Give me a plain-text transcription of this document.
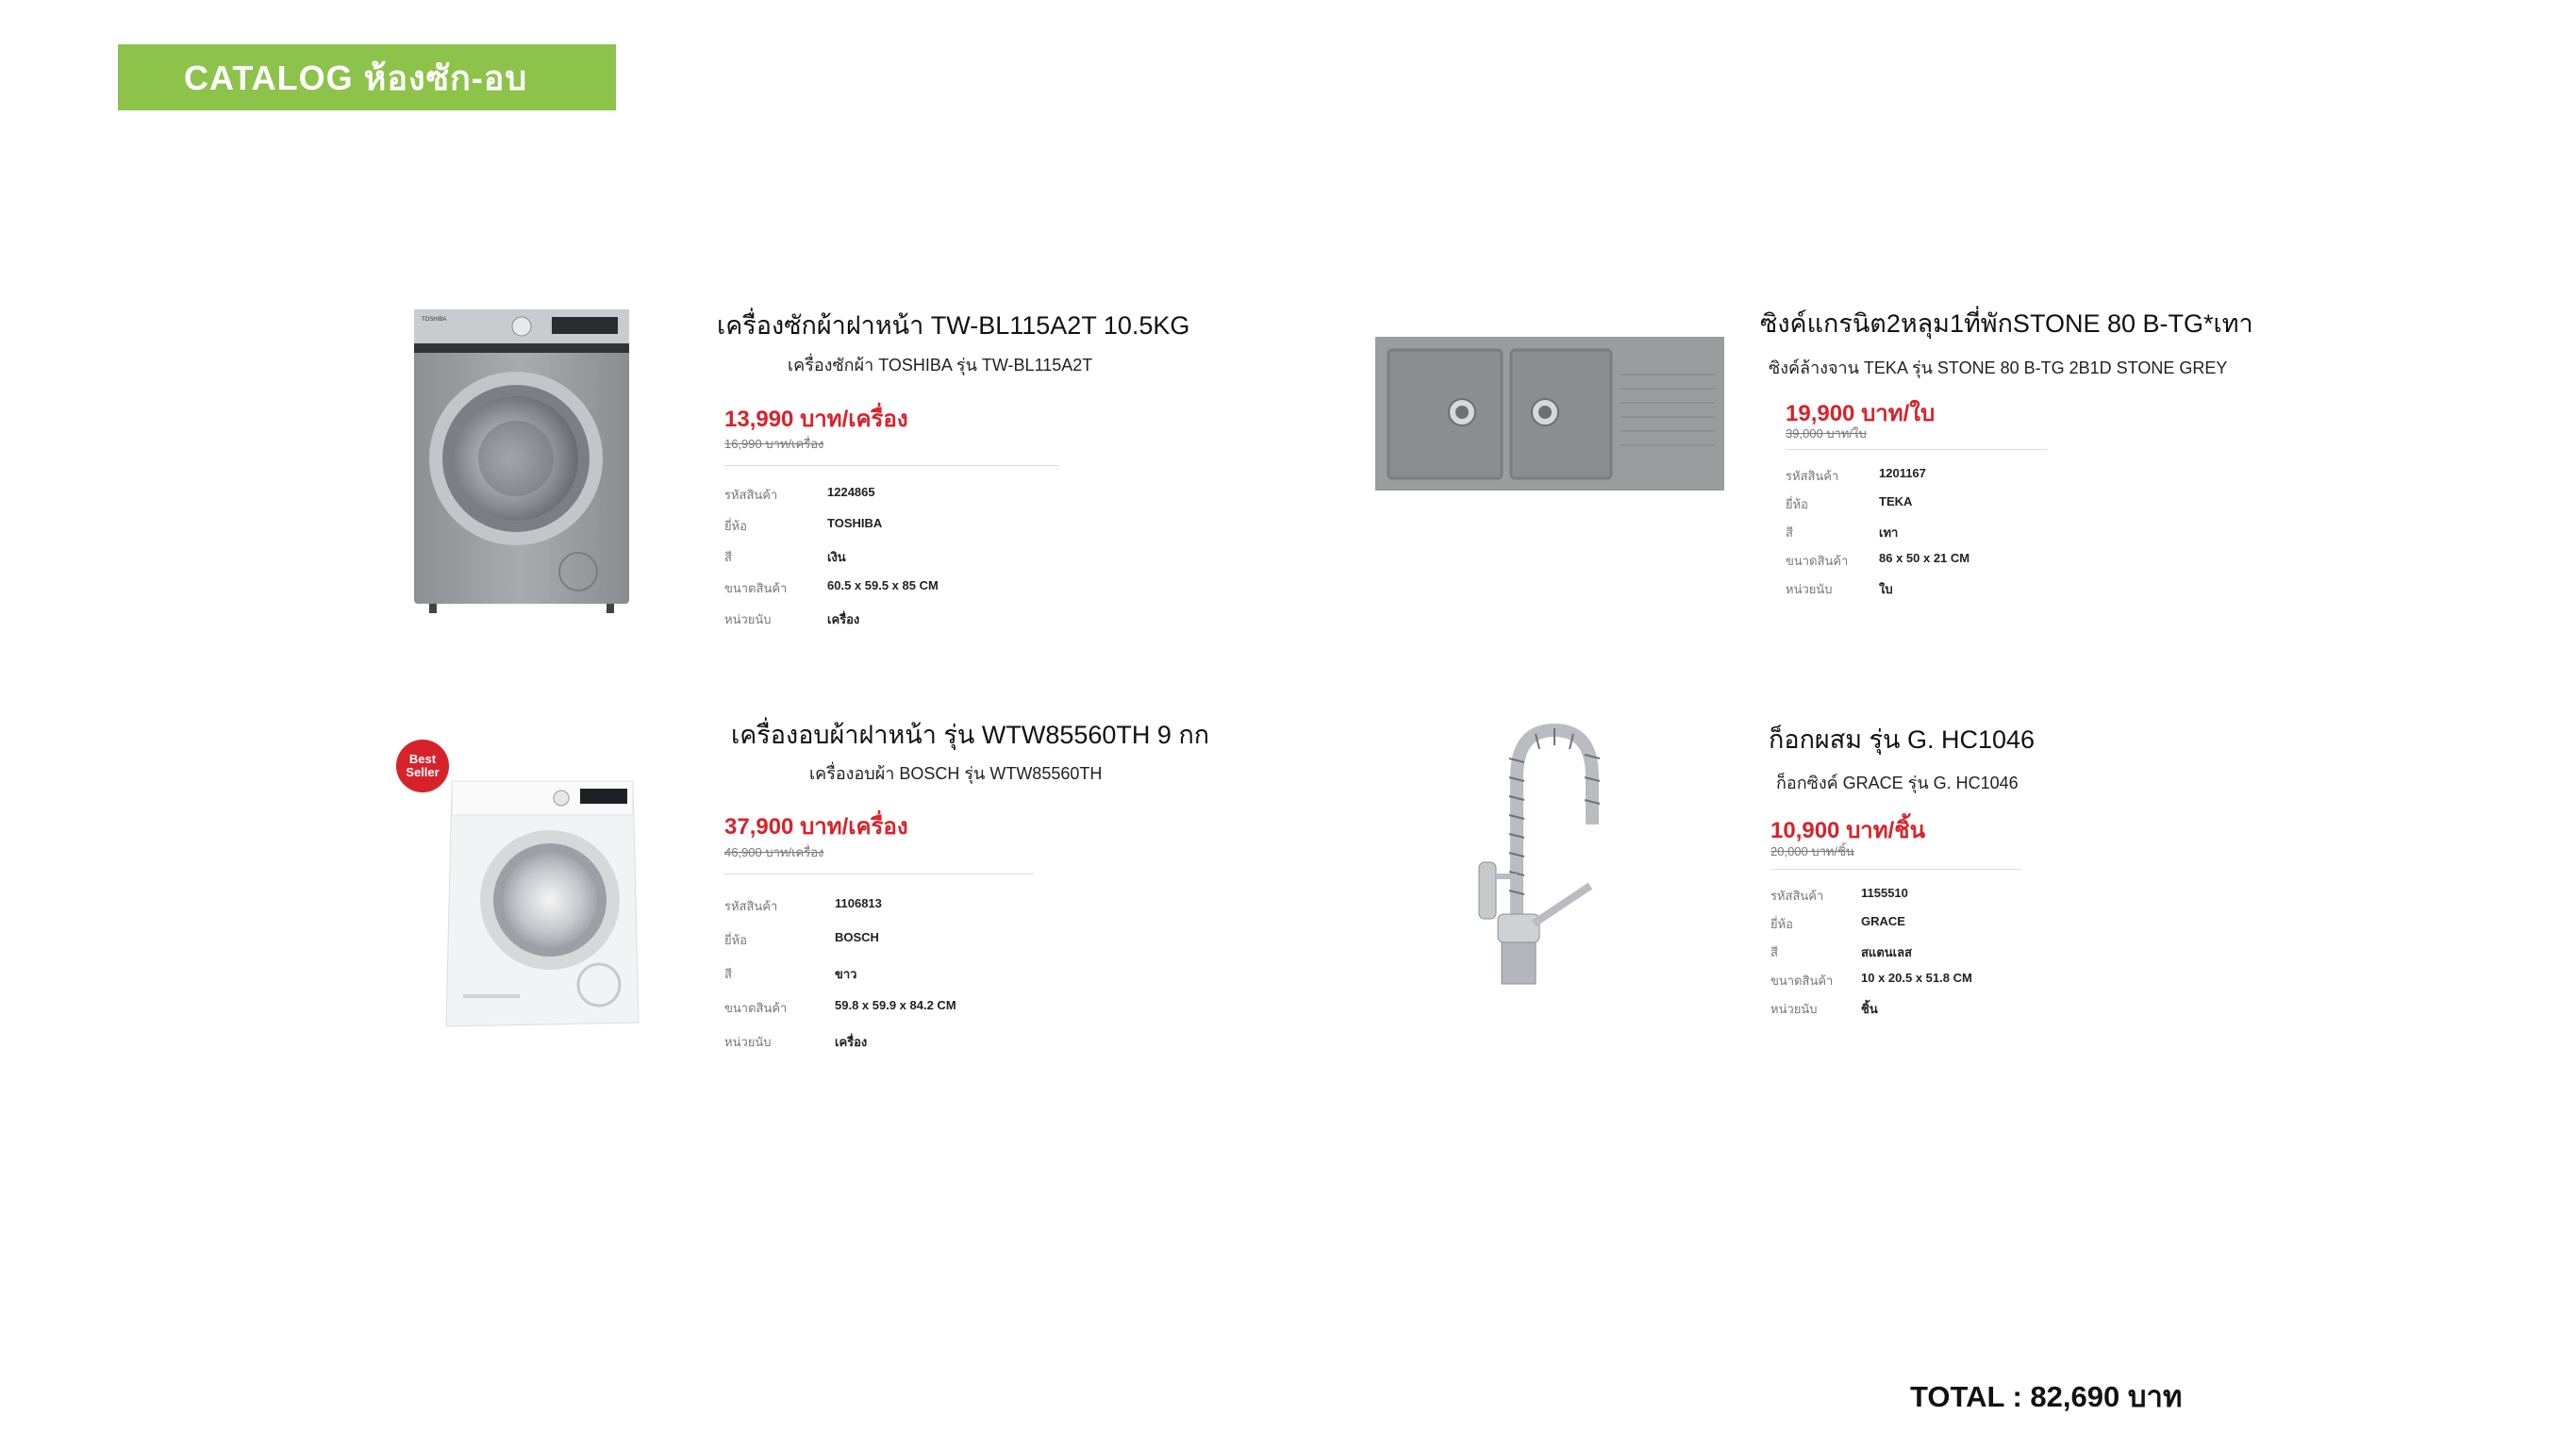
CATALOG ห้องซัก-อบ
TOSHIBA	เครื่องซักผ้าฝาหน้า TW-BL115A2T 10.5KG
เครื่องซักผ้า TOSHIBA รุ่น TW-BL115A2T
13,990 บาท/เครื่อง
16,990 บาท/เครื่อง
รหัสสินค้า	1224865
ยี่ห้อ	TOSHIBA
สี	เงิน
ขนาดสินค้า	60.5 x 59.5 x 85 CM
หน่วยนับ	เครื่อง
ซิงค์แกรนิต2หลุม1ที่พักSTONE 80 B-TG*เทา
ซิงค์ล้างจาน TEKA รุ่น STONE 80 B-TG 2B1D STONE GREY
19,900 บาท/ใบ
39,000 บาท/ใบ
รหัสสินค้า	1201167
ยี่ห้อ	TEKA
สี	เทา
ขนาดสินค้า	86 x 50 x 21 CM
หน่วยนับ	ใบ
Best Seller
เครื่องอบผ้าฝาหน้า รุ่น WTW85560TH 9 กก
เครื่องอบผ้า BOSCH รุ่น WTW85560TH
37,900 บาท/เครื่อง
46,900 บาท/เครื่อง
รหัสสินค้า	1106813
ยี่ห้อ	BOSCH
สี	ขาว
ขนาดสินค้า	59.8 x 59.9 x 84.2 CM
หน่วยนับ	เครื่อง
ก็อกผสม รุ่น G. HC1046
ก็อกซิงค์ GRACE รุ่น G. HC1046
10,900 บาท/ชิ้น
20,000 บาท/ชิ้น
รหัสสินค้า	1155510
ยี่ห้อ	GRACE
สี	สแตนเลส
ขนาดสินค้า 10 x 20.5 x 51.8 CM
หน่วยนับ	ชิ้น
TOTAL : 82,690 บาท
